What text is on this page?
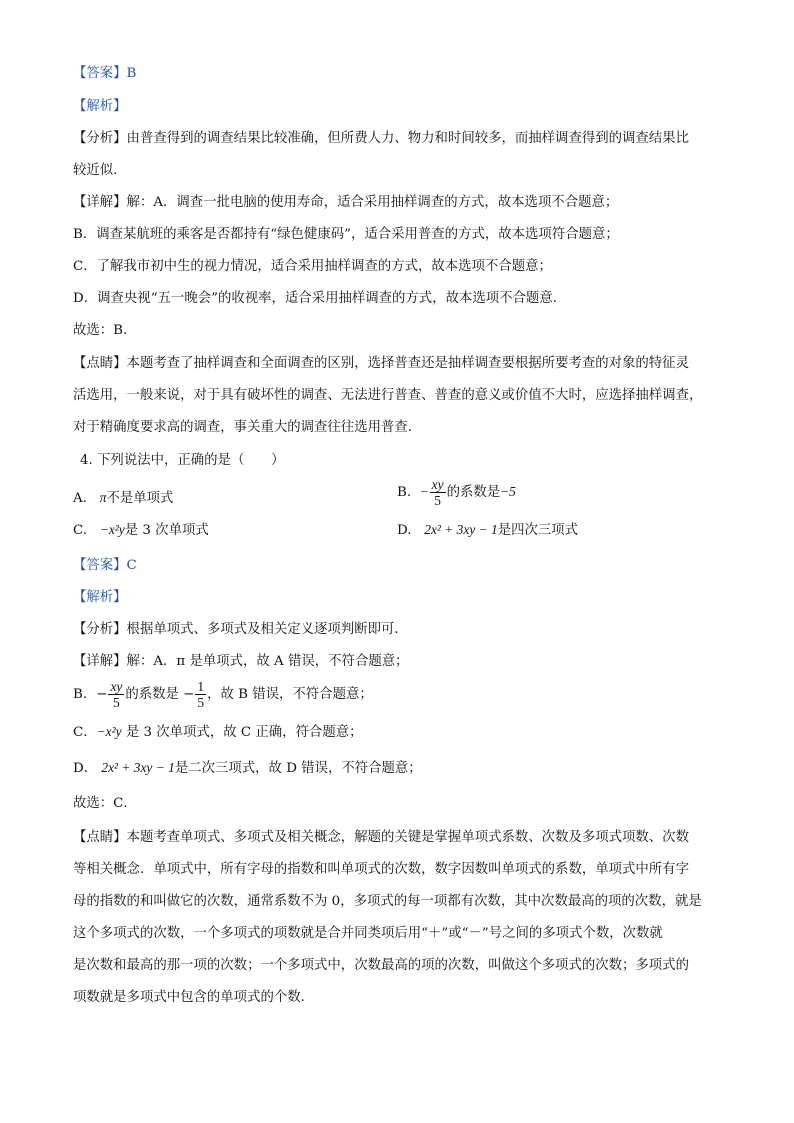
【答案】B
【解析】
【分析】由普查得到的调查结果比较准确，但所费人力、物力和时间较多，而抽样调查得到的调查结果比
较近似．
【详解】解：A．调查一批电脑的使用寿命，适合采用抽样调查的方式，故本选项不合题意；
B．调查某航班的乘客是否都持有“绿色健康码”，适合采用普查的方式，故本选项符合题意；
C．了解我市初中生的视力情况，适合采用抽样调查的方式，故本选项不合题意；
D．调查央视“五一晚会”的收视率，适合采用抽样调查的方式，故本选项不合题意．
故选：B．
【点睛】本题考查了抽样调查和全面调查的区别，选择普查还是抽样调查要根据所要考查的对象的特征灵
活选用，一般来说，对于具有破坏性的调查、无法进行普查、普查的意义或价值不大时，应选择抽样调查，
对于精确度要求高的调查，事关重大的调查往往选用普查．
4. 下列说法中，正确的是（　　）
A. π不是单项式	B. − $\frac{xy}{5}$ 的系数是−5
C. −x²y是 3 次单项式	D. 2x² + 3xy − 1是四次三项式
【答案】C
【解析】
【分析】根据单项式、多项式及相关定义逐项判断即可．
【详解】解：A．π 是单项式，故 A 错误，不符合题意；
B．− $\frac{xy}{5}$ 的系数是 − $\frac{1}{5}$ ，故 B 错误，不符合题意；
C．−x²y 是 3 次单项式，故 C 正确，符合题意；
D． 2x² + 3xy − 1是二次三项式，故 D 错误，不符合题意；
故选：C．
【点睛】本题考查单项式、多项式及相关概念，解题的关键是掌握单项式系数、次数及多项式项数、次数
等相关概念．单项式中，所有字母的指数和叫单项式的次数，数字因数叫单项式的系数，单项式中所有字
母的指数的和叫做它的次数，通常系数不为 0，多项式的每一项都有次数，其中次数最高的项的次数，就是
这个多项式的次数，一个多项式的项数就是合并同类项后用“＋”或“－”号之间的多项式个数，次数就
是次数和最高的那一项的次数；一个多项式中，次数最高的项的次数，叫做这个多项式的次数；多项式的
项数就是多项式中包含的单项式的个数．
